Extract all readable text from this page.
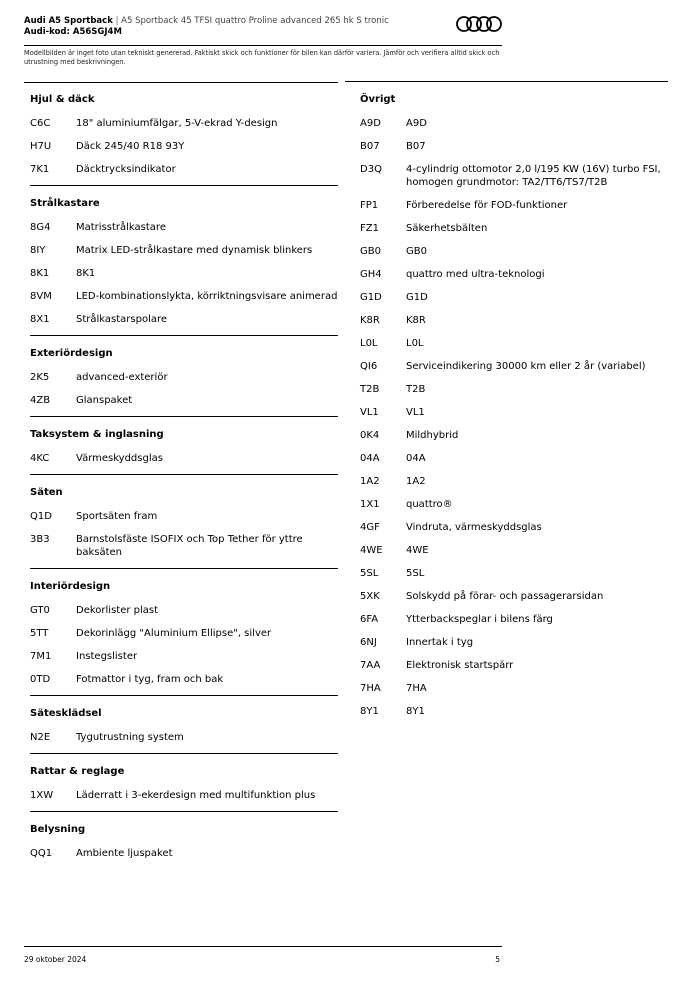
Audi A5 Sportback | A5 Sportback 45 TFSI quattro Proline advanced 265 hk S tronic
Audi-kod: A56SGJ4M
Modellbilden är inget foto utan tekniskt genererad. Faktiskt skick och funktioner för bilen kan därför variera. Jämför och verifiera alltid skick och utrustning med beskrivningen.
Hjul & däck
C6C	18" aluminiumfälgar, 5-V-ekrad Y-design
H7U	Däck 245/40 R18 93Y
7K1	Däcktrycksindikator
Strålkastare
8G4	Matrisstrålkastare
8IY	Matrix LED-strålkastare med dynamisk blinkers
8K1	8K1
8VM	LED-kombinationslykta, körriktningsvisare animerad
8X1	Strålkastarspolare
Exteriördesign
2K5	advanced-exteriör
4ZB	Glanspaket
Taksystem & inglasning
4KC	Värmeskyddsglas
Säten
Q1D	Sportsäten fram
3B3	Barnstolsfäste ISOFIX och Top Tether för yttre baksäten
Interiördesign
GT0	Dekorlister plast
5TT	Dekorinlägg "Aluminium Ellipse", silver
7M1	Instegslister
0TD	Fotmattor i tyg, fram och bak
Sätesklädsel
N2E	Tygutrustning system
Rattar & reglage
1XW	Läderratt i 3-ekerdesign med multifunktion plus
Belysning
QQ1	Ambiente ljuspaket
Övrigt
A9D	A9D
B07	B07
D3Q	4-cylindrig ottomotor 2,0 l/195 KW (16V) turbo FSI, homogen grundmotor: TA2/TT6/TS7/T2B
FP1	Förberedelse för FOD-funktioner
FZ1	Säkerhetsbälten
GB0	GB0
GH4	quattro med ultra-teknologi
G1D	G1D
K8R	K8R
L0L	L0L
QI6	Serviceindikering 30000 km eller 2 år (variabel)
T2B	T2B
VL1	VL1
0K4	Mildhybrid
04A	04A
1A2	1A2
1X1	quattro®
4GF	Vindruta, värmeskyddsglas
4WE	4WE
5SL	5SL
5XK	Solskydd på förar- och passagerarsidan
6FA	Ytterbackspeglar i bilens färg
6NJ	Innertak i tyg
7AA	Elektronisk startspärr
7HA	7HA
8Y1	8Y1
29 oktober 2024	5
